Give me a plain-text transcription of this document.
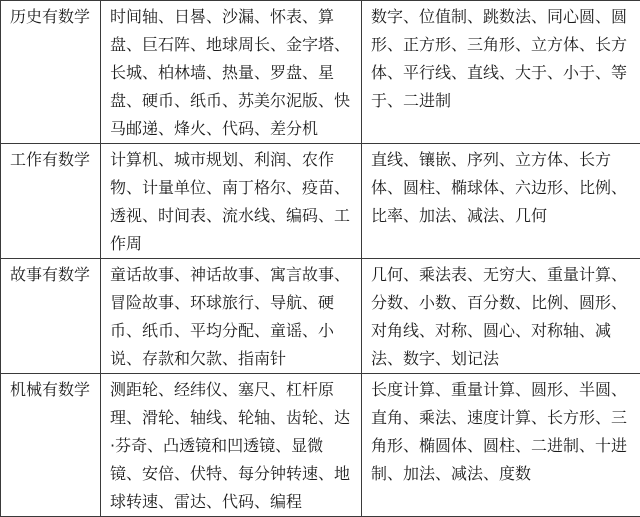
历史有数学	时间轴、日晷、沙漏、怀表、算盘、巨石阵、地球周长、金字塔、长城、柏林墙、热量、罗盘、星盘、硬币、纸币、苏美尔泥版、快马邮递、烽火、代码、差分机	数字、位值制、跳数法、同心圆、圆形、正方形、三角形、立方体、长方体、平行线、直线、大于、小于、等于、二进制
工作有数学	计算机、城市规划、利润、农作物、计量单位、南丁格尔、疫苗、透视、时间表、流水线、编码、工作周	直线、镶嵌、序列、立方体、长方体、圆柱、椭球体、六边形、比例、比率、加法、减法、几何
故事有数学	童话故事、神话故事、寓言故事、冒险故事、环球旅行、导航、硬币、纸币、平均分配、童谣、小说、存款和欠款、指南针	几何、乘法表、无穷大、重量计算、分数、小数、百分数、比例、圆形、对角线、对称、圆心、对称轴、减法、数字、划记法
机械有数学	测距轮、经纬仪、塞尺、杠杆原理、滑轮、轴线、轮轴、齿轮、达·芬奇、凸透镜和凹透镜、显微镜、安倍、伏特、每分钟转速、地球转速、雷达、代码、编程	长度计算、重量计算、圆形、半圆、直角、乘法、速度计算、长方形、三角形、椭圆体、圆柱、二进制、十进制、加法、减法、度数
